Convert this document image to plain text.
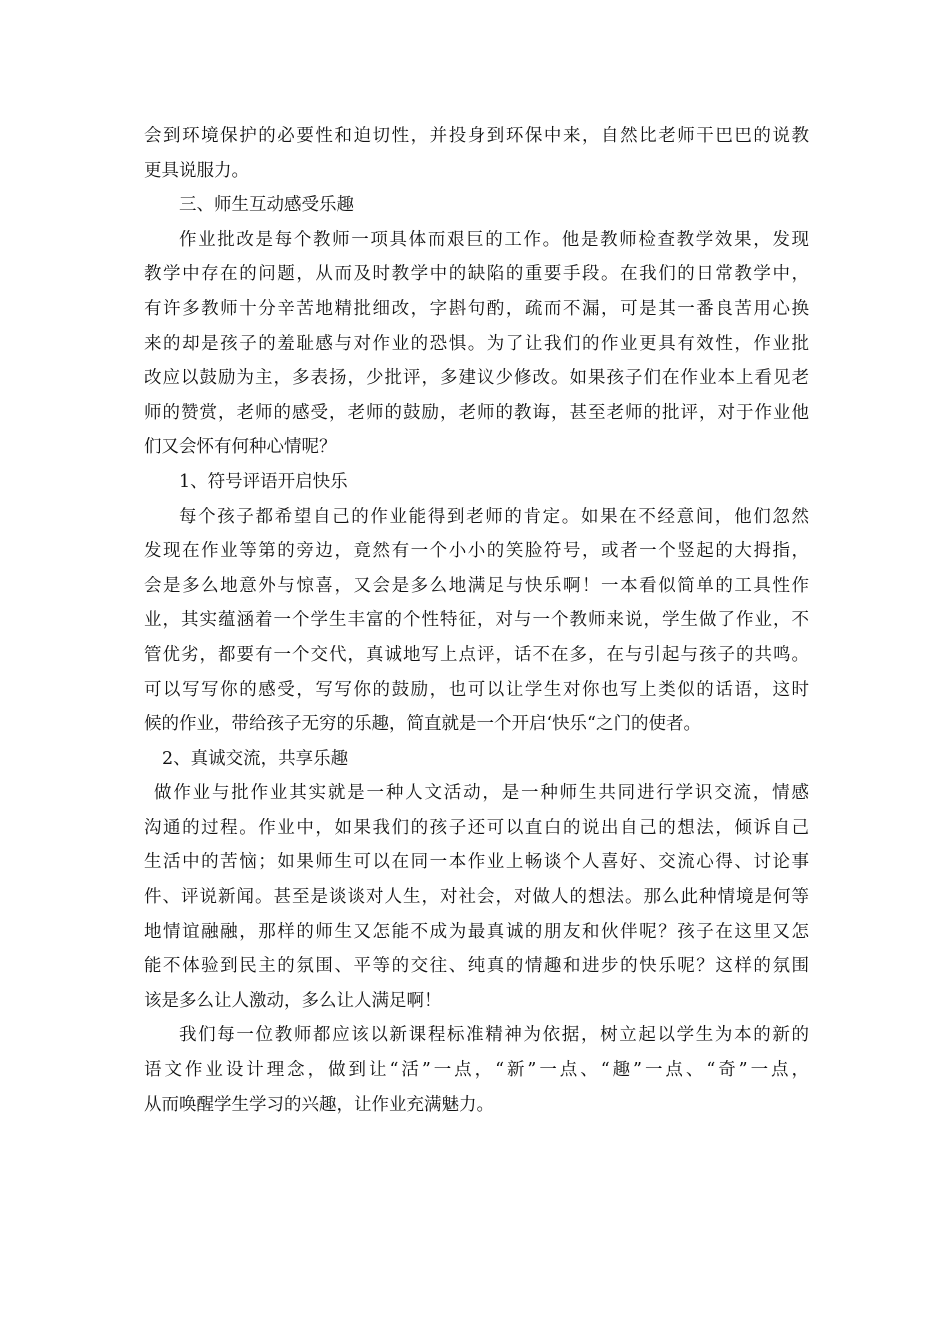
会到环境保护的必要性和迫切性，并投身到环保中来，自然比老师干巴巴的说教
更具说服力。
三、师生互动感受乐趣
作业批改是每个教师一项具体而艰巨的工作。他是教师检查教学效果，发现
教学中存在的问题，从而及时教学中的缺陷的重要手段。在我们的日常教学中，
有许多教师十分辛苦地精批细改，字斟句酌，疏而不漏，可是其一番良苦用心换
来的却是孩子的羞耻感与对作业的恐惧。为了让我们的作业更具有效性，作业批
改应以鼓励为主，多表扬，少批评，多建议少修改。如果孩子们在作业本上看见老
师的赞赏，老师的感受，老师的鼓励，老师的教诲，甚至老师的批评，对于作业他
们又会怀有何种心情呢？
1、符号评语开启快乐
每个孩子都希望自己的作业能得到老师的肯定。如果在不经意间，他们忽然
发现在作业等第的旁边，竟然有一个小小的笑脸符号，或者一个竖起的大拇指，
会是多么地意外与惊喜，又会是多么地满足与快乐啊！一本看似简单的工具性作
业，其实蕴涵着一个学生丰富的个性特征，对与一个教师来说，学生做了作业，不
管优劣，都要有一个交代，真诚地写上点评，话不在多，在与引起与孩子的共鸣。
可以写写你的感受，写写你的鼓励，也可以让学生对你也写上类似的话语，这时
候的作业，带给孩子无穷的乐趣，简直就是一个开启‘快乐“之门的使者。
2、真诚交流，共享乐趣
做作业与批作业其实就是一种人文活动，是一种师生共同进行学识交流，情感
沟通的过程。作业中，如果我们的孩子还可以直白的说出自己的想法，倾诉自己
生活中的苦恼；如果师生可以在同一本作业上畅谈个人喜好、交流心得、讨论事
件、评说新闻。甚至是谈谈对人生，对社会，对做人的想法。那么此种情境是何等
地情谊融融，那样的师生又怎能不成为最真诚的朋友和伙伴呢？孩子在这里又怎
能不体验到民主的氛围、平等的交往、纯真的情趣和进步的快乐呢？这样的氛围
该是多么让人激动，多么让人满足啊！
我们每一位教师都应该以新课程标准精神为依据，树立起以学生为本的新的
语文作业设计理念，做到让“活”一点，“新”一点、“趣”一点、“奇”一点，
从而唤醒学生学习的兴趣，让作业充满魅力。
